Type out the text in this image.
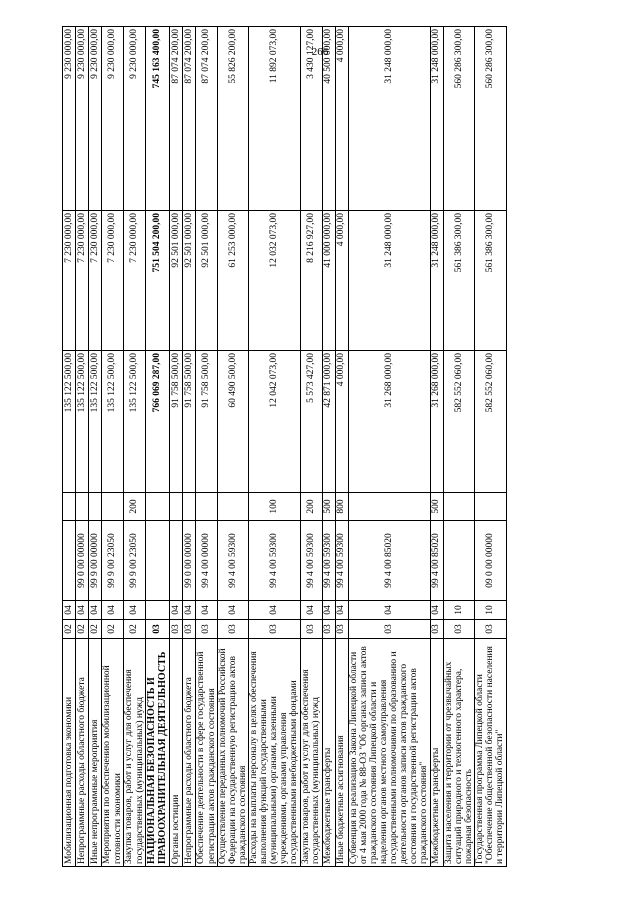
266
Мобилизационная подготовка экономики	02	04			135 122 500,00	7 230 000,00	9 230 000,00
Непрограммные расходы областного бюджета	02	04	99 0 00 00000		135 122 500,00	7 230 000,00	9 230 000,00
Иные непрограммные мероприятия	02	04	99 9 00 00000		135 122 500,00	7 230 000,00	9 230 000,00
Мероприятия по обеспечению мобилизационной готовности экономики	02	04	99 9 00 23050		135 122 500,00	7 230 000,00	9 230 000,00
Закупка товаров, работ и услуг для обеспечения государственных (муниципальных) нужд	02	04	99 9 00 23050	200	135 122 500,00	7 230 000,00	9 230 000,00
НАЦИОНАЛЬНАЯ БЕЗОПАСНОСТЬ И ПРАВООХРАНИТЕЛЬНАЯ ДЕЯТЕЛЬНОСТЬ	03				766 069 287,00	751 504 200,00	745 163 400,00
Органы юстиции	03	04			91 758 500,00	92 501 000,00	87 074 200,00
Непрограммные расходы областного бюджета	03	04	99 0 00 00000		91 758 500,00	92 501 000,00	87 074 200,00
Обеспечение деятельности в сфере государственной регистрации актов гражданского состояния	03	04	99 4 00 00000		91 758 500,00	92 501 000,00	87 074 200,00
Осуществление переданных полномочий Российской Федерации на государственную регистрацию актов гражданского состояния	03	04	99 4 00 59300		60 490 500,00	61 253 000,00	55 826 200,00
Расходы на выплаты персоналу в целях обеспечения выполнения функций государственными (муниципальными) органами, казенными учреждениями, органами управления государственными внебюджетными фондами	03	04	99 4 00 59300	100	12 042 073,00	12 032 073,00	11 892 073,00
Закупка товаров, работ и услуг для обеспечения государственных (муниципальных) нужд	03	04	99 4 00 59300	200	5 573 427,00	8 216 927,00	3 430 127,00
Межбюджетные трансферты	03	04	99 4 00 59300	500	42 871 000,00	41 000 000,00	40 500 000,00
Иные бюджетные ассигнования	03	04	99 4 00 59300	800	4 000,00	4 000,00	4 000,00
Субвенция на реализацию Закона Липецкой области от 4 мая 2000 года № 88-ОЗ "Об органах записи актов гражданского состояния Липецкой области и наделении органов местного самоуправления государственными полномочиями по образованию и деятельности органов записи актов гражданского состояния и государственной регистрации актов гражданского состояния"	03	04	99 4 00 85020		31 268 000,00	31 248 000,00	31 248 000,00
Межбюджетные трансферты	03	04	99 4 00 85020	500	31 268 000,00	31 248 000,00	31 248 000,00
Защита населения и территории от чрезвычайных ситуаций природного и техногенного характера, пожарная безопасность	03	10			582 552 060,00	561 386 300,00	560 286 300,00
Государственная программа Липецкой области "Обеспечение общественной безопасности населения и территории Липецкой области"	03	10	09 0 00 00000		582 552 060,00	561 386 300,00	560 286 300,00
